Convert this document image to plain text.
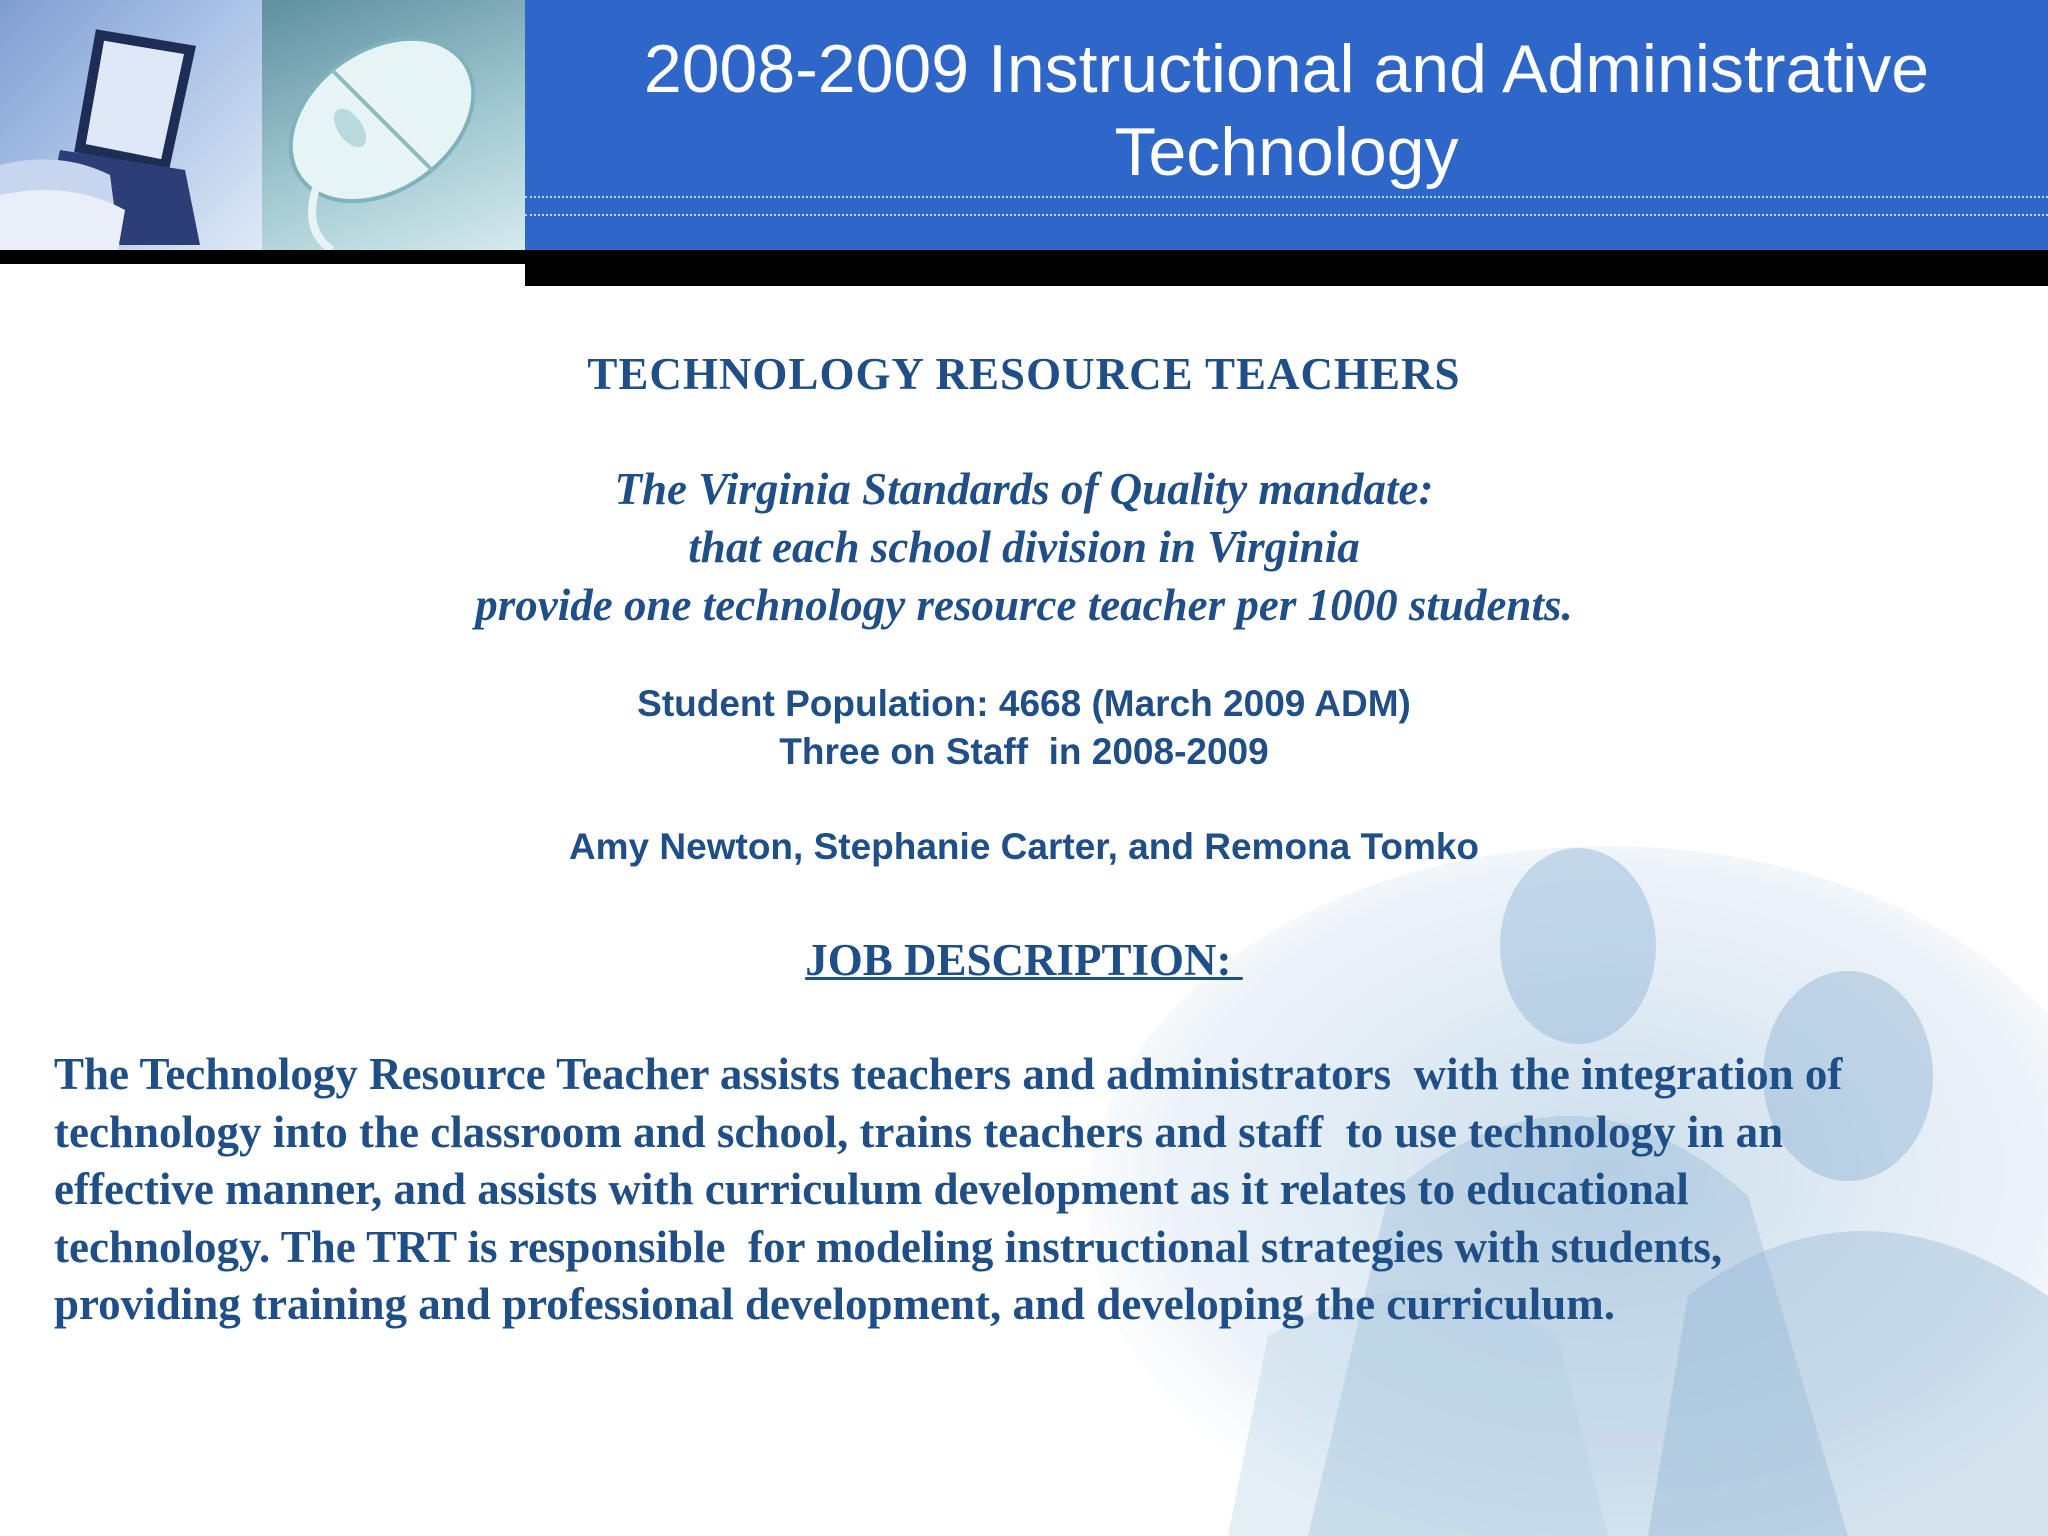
2008-2009 Instructional and Administrative
Technology
TECHNOLOGY RESOURCE TEACHERS
The Virginia Standards of Quality mandate:
that each school division in Virginia
provide one technology resource teacher per 1000 students.
Student Population: 4668 (March 2009 ADM)
Three on Staff  in 2008-2009
Amy Newton, Stephanie Carter, and Remona Tomko
JOB DESCRIPTION:
The Technology Resource Teacher assists teachers and administrators  with the integration of
technology into the classroom and school, trains teachers and staff  to use technology in an
effective manner, and assists with curriculum development as it relates to educational
technology. The TRT is responsible  for modeling instructional strategies with students,
providing training and professional development, and developing the curriculum.
